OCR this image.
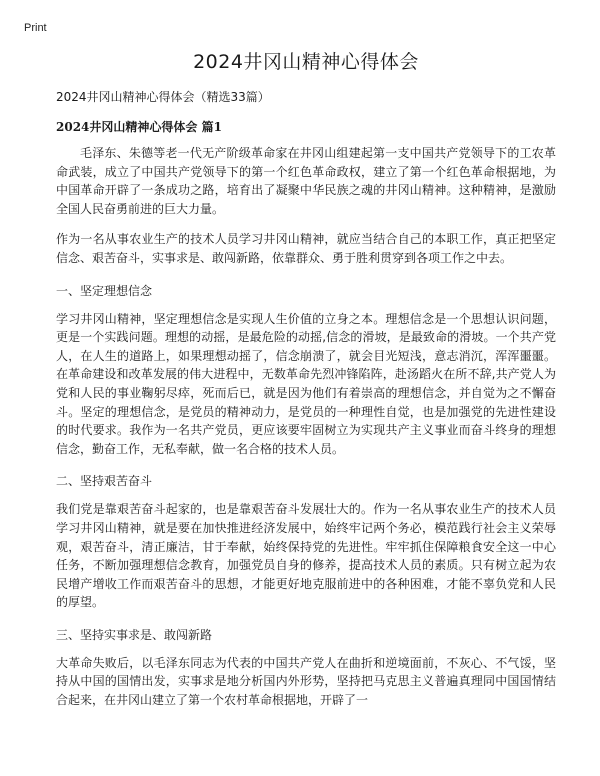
Print
2024井冈山精神心得体会
2024井冈山精神心得体会（精选33篇）
2024井冈山精神心得体会 篇1

毛泽东、朱德等老一代无产阶级革命家在井冈山组建起第一支中国共产党领导下的工农革命武装，成立了中国共产党领导下的第一个红色革命政权，建立了第一个红色革命根据地，为中国革命开辟了一条成功之路，培育出了凝聚中华民族之魂的井冈山精神。这种精神，是激励全国人民奋勇前进的巨大力量。

作为一名从事农业生产的技术人员学习井冈山精神，就应当结合自己的本职工作，真正把坚定信念、艰苦奋斗，实事求是、敢闯新路，依靠群众、勇于胜利贯穿到各项工作之中去。

一、坚定理想信念

学习井冈山精神，坚定理想信念是实现人生价值的立身之本。理想信念是一个思想认识问题，更是一个实践问题。理想的动摇，是最危险的动摇,信念的滑坡，是最致命的滑坡。一个共产党人，在人生的道路上，如果理想动摇了，信念崩溃了，就会目光短浅，意志消沉，浑浑噩噩。在革命建设和改革发展的伟大进程中，无数革命先烈冲锋陷阵，赴汤蹈火在所不辞,共产党人为党和人民的事业鞠躬尽瘁，死而后已，就是因为他们有着崇高的理想信念，并自觉为之不懈奋斗。坚定的理想信念，是党员的精神动力，是党员的一种理性自觉，也是加强党的先进性建设的时代要求。我作为一名共产党员，更应该要牢固树立为实现共产主义事业而奋斗终身的理想信念，勤奋工作，无私奉献，做一名合格的技术人员。

二、坚持艰苦奋斗

我们党是靠艰苦奋斗起家的，也是靠艰苦奋斗发展壮大的。作为一名从事农业生产的技术人员学习井冈山精神，就是要在加快推进经济发展中，始终牢记两个务必，模范践行社会主义荣辱观，艰苦奋斗，清正廉洁，甘于奉献，始终保持党的先进性。牢牢抓住保障粮食安全这一中心任务，不断加强理想信念教育，加强党员自身的修养，提高技术人员的素质。只有树立起为农民增产增收工作而艰苦奋斗的思想，才能更好地克服前进中的各种困难，才能不辜负党和人民的厚望。

三、坚持实事求是、敢闯新路

大革命失败后，以毛泽东同志为代表的中国共产党人在曲折和逆境面前，不灰心、不气馁，坚持从中国的国情出发，实事求是地分析国内外形势，坚持把马克思主义普遍真理同中国国情结合起来，在井冈山建立了第一个农村革命根据地，开辟了一
